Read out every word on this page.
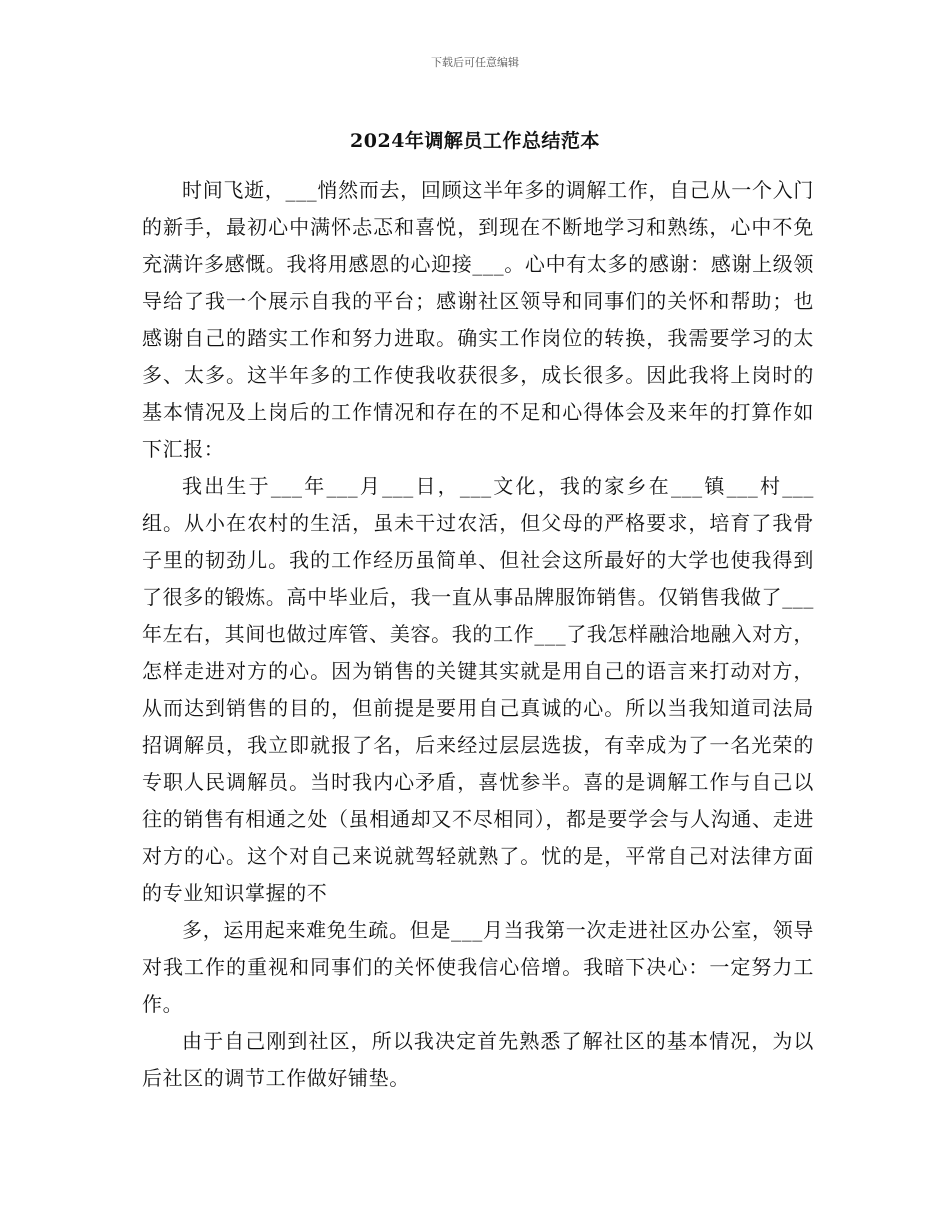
下载后可任意编辑
2024年调解员工作总结范本

时间飞逝，___悄然而去，回顾这半年多的调解工作，自己从一个入门的新手，最初心中满怀忐忑和喜悦，到现在不断地学习和熟练，心中不免充满许多感慨。我将用感恩的心迎接___。心中有太多的感谢：感谢上级领导给了我一个展示自我的平台；感谢社区领导和同事们的关怀和帮助；也感谢自己的踏实工作和努力进取。确实工作岗位的转换，我需要学习的太多、太多。这半年多的工作使我收获很多，成长很多。因此我将上岗时的基本情况及上岗后的工作情况和存在的不足和心得体会及来年的打算作如下汇报：

我出生于___年___月___日，___文化，我的家乡在___镇___村___组。从小在农村的生活，虽未干过农活，但父母的严格要求，培育了我骨子里的韧劲儿。我的工作经历虽简单、但社会这所最好的大学也使我得到了很多的锻炼。高中毕业后，我一直从事品牌服饰销售。仅销售我做了___年左右，其间也做过库管、美容。我的工作___了我怎样融洽地融入对方，怎样走进对方的心。因为销售的关键其实就是用自己的语言来打动对方，从而达到销售的目的，但前提是要用自己真诚的心。所以当我知道司法局招调解员，我立即就报了名，后来经过层层选拔，有幸成为了一名光荣的专职人民调解员。当时我内心矛盾，喜忧参半。喜的是调解工作与自己以往的销售有相通之处（虽相通却又不尽相同），都是要学会与人沟通、走进对方的心。这个对自己来说就驾轻就熟了。忧的是，平常自己对法律方面的专业知识掌握的不

多，运用起来难免生疏。但是___月当我第一次走进社区办公室，领导对我工作的重视和同事们的关怀使我信心倍增。我暗下决心：一定努力工作。

由于自己刚到社区，所以我决定首先熟悉了解社区的基本情况，为以后社区的调节工作做好铺垫。
